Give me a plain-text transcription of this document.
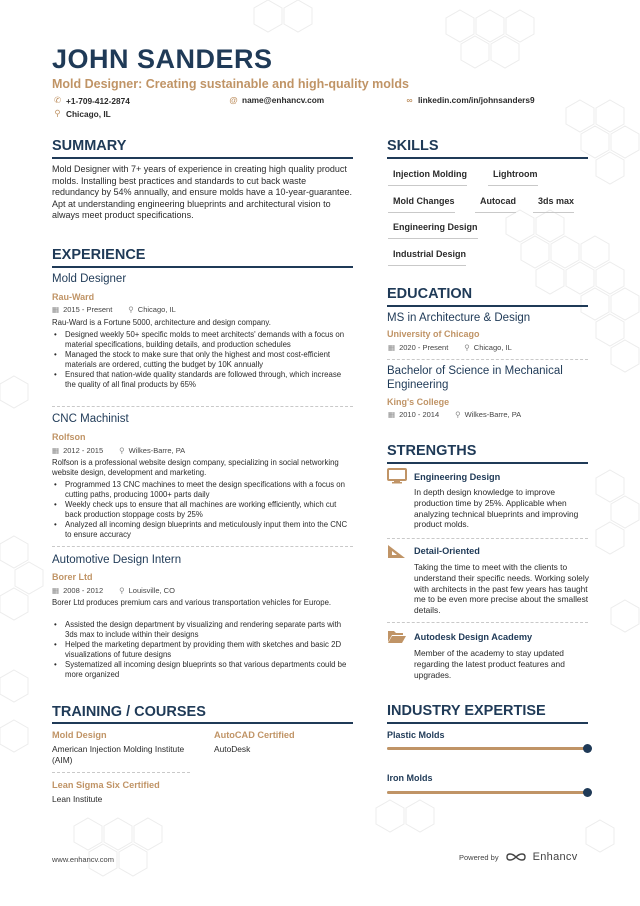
JOHN SANDERS
Mold Designer: Creating sustainable and high-quality molds
✆ +1-709-412-2874	@ name@enhancv.com	∞ linkedin.com/in/johnsanders9
⚲ Chicago, IL
SUMMARY
Mold Designer with 7+ years of experience in creating high quality product molds. Installing best practices and standards to cut back waste redundancy by 54% annually, and ensure molds have a 10-year-guarantee. Apt at understanding engineering blueprints and architectural vision to always meet product specifications.
EXPERIENCE
Mold Designer
Rau-Ward
▦ 2015 - Present ⚲ Chicago, IL
Rau-Ward is a Fortune 5000, architecture and design company.
• Designed weekly 50+ specific molds to meet architects' demands with a focus on material specifications, building details, and production schedules
• Managed the stock to make sure that only the highest and most cost-efficient materials are ordered, cutting the budget by 10K annually
• Ensured that nation-wide quality standards are followed through, which increase the quality of all final products by 65%
CNC Machinist
Rolfson
▦ 2012 - 2015 ⚲ Wilkes-Barre, PA
Rolfson is a professional website design company, specializing in social networking website design, development and marketing.
• Programmed 13 CNC machines to meet the design specifications with a focus on cutting paths, producing 1000+ parts daily
• Weekly check ups to ensure that all machines are working efficiently, which cut back production stoppage costs by 25%
• Analyzed all incoming design blueprints and meticulously input them into the CNC to ensure accuracy
Automotive Design Intern
Borer Ltd
▦ 2008 - 2012 ⚲ Louisville, CO
Borer Ltd produces premium cars and various transportation vehicles for Europe.
• Assisted the design department by visualizing and rendering separate parts with 3ds max to include within their designs
• Helped the marketing department by providing them with sketches and basic 2D visualizations of future designs
• Systematized all incoming design blueprints so that various departments could be more organized
TRAINING / COURSES
Mold Design
American Injection Molding Institute (AIM)
AutoCAD Certified
AutoDesk
Lean Sigma Six Certified
Lean Institute
SKILLS
Injection Molding	Lightroom
Mold Changes	Autocad	3ds max
Engineering Design
Industrial Design
EDUCATION
MS in Architecture & Design
University of Chicago
▦ 2020 - Present ⚲ Chicago, IL
Bachelor of Science in Mechanical Engineering
King's College
▦ 2010 - 2014 ⚲ Wilkes-Barre, PA
STRENGTHS
Engineering Design
In depth design knowledge to improve production time by 25%. Applicable when analyzing technical blueprints and improving product molds.
Detail-Oriented
Taking the time to meet with the clients to understand their specific needs. Working solely with architects in the past few years has taught me to be even more precise about the smallest details.
Autodesk Design Academy
Member of the academy to stay updated regarding the latest product features and upgrades.
INDUSTRY EXPERTISE
Plastic Molds
Iron Molds
www.enhancv.com	Powered by	Enhancv
